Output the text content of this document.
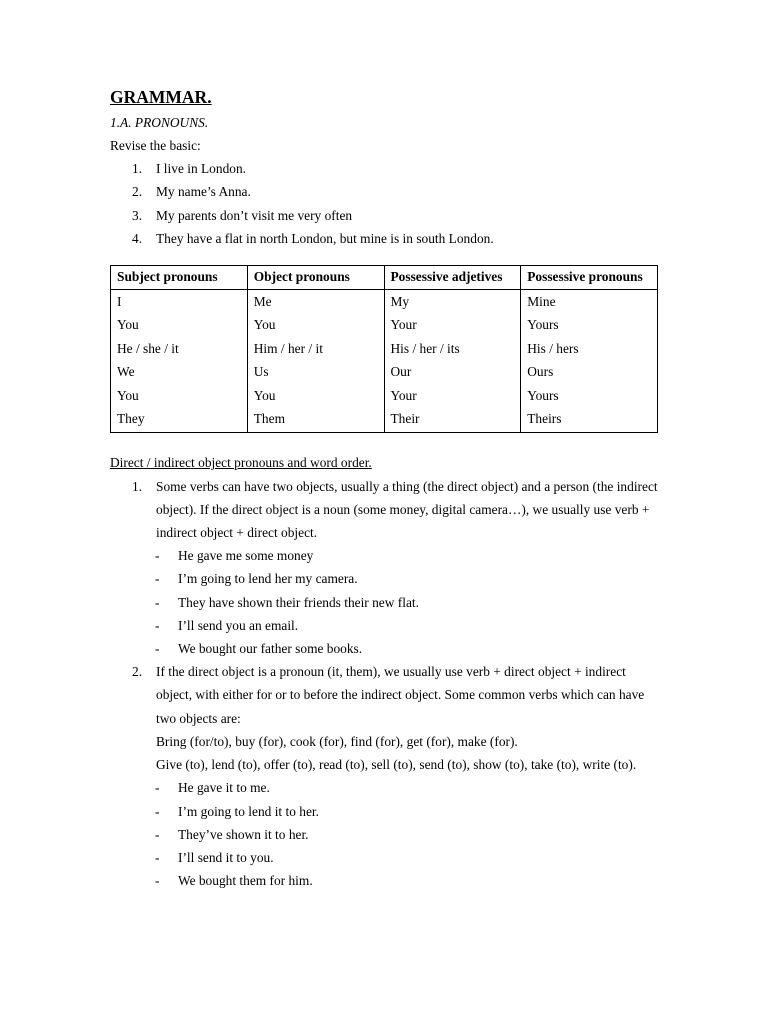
GRAMMAR.
1.A. PRONOUNS.
Revise the basic:
1. I live in London.
2. My name’s Anna.
3. My parents don’t visit me very often
4. They have a flat in north London, but mine is in south London.
Subject pronouns	Object pronouns	Possessive adjetives	Possessive pronouns
I	Me	My	Mine
You	You	Your	Yours
He / she / it	Him / her / it	His / her / its	His / hers
We	Us	Our	Ours
You	You	Your	Yours
They	Them	Their	Theirs
Direct / indirect object pronouns and word order.
1. Some verbs can have two objects, usually a thing (the direct object) and a person (the indirect object). If the direct object is a noun (some money, digital camera…), we usually use verb + indirect object + direct object.
- He gave me some money
- I’m going to lend her my camera.
- They have shown their friends their new flat.
- I’ll send you an email.
- We bought our father some books.
2. If the direct object is a pronoun (it, them), we usually use verb + direct object + indirect object, with either for or to before the indirect object. Some common verbs which can have two objects are:
Bring (for/to), buy (for), cook (for), find (for), get (for), make (for).
Give (to), lend (to), offer (to), read (to), sell (to), send (to), show (to), take (to), write (to).
- He gave it to me.
- I’m going to lend it to her.
- They’ve shown it to her.
- I’ll send it to you.
- We bought them for him.
